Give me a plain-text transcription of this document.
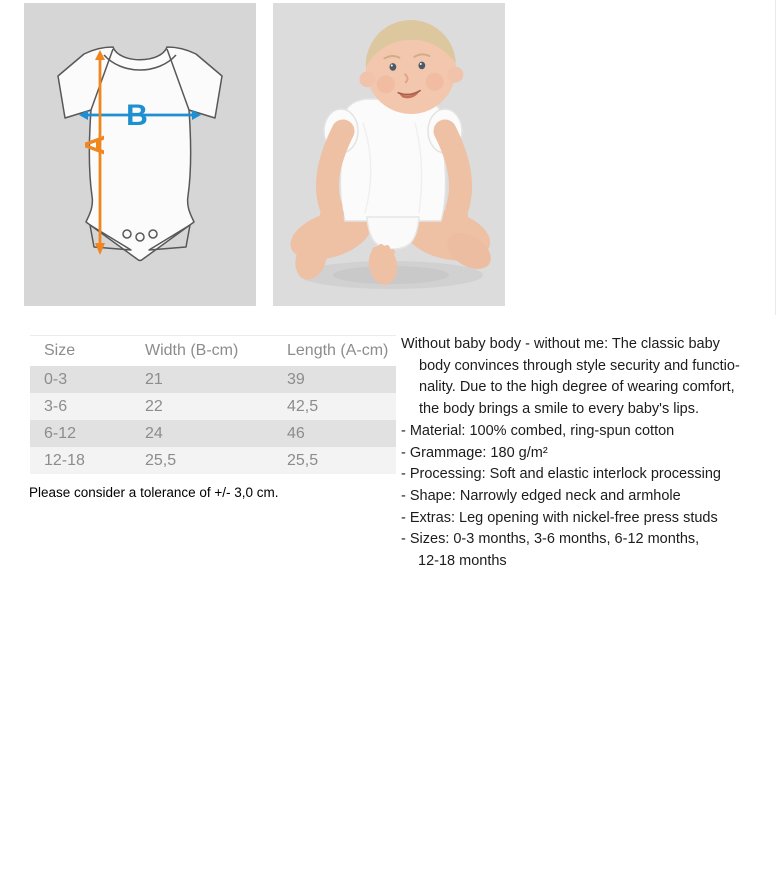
B
A
Size	Width (B-cm)	Length (A-cm)
0-3	21	39
3-6	22	42,5
6-12	24	46
12-18	25,5	25,5
Please consider a tolerance of +/- 3,0 cm.
Without baby body - without me: The classic baby
body convinces through style security and functio-
nality. Due to the high degree of wearing comfort,
the body brings a smile to every baby's lips.
- Material: 100% combed, ring-spun cotton
- Grammage: 180 g/m²
- Processing: Soft and elastic interlock processing
- Shape: Narrowly edged neck and armhole
- Extras: Leg opening with nickel-free press studs
- Sizes: 0-3 months, 3-6 months, 6-12 months,
12-18 months
